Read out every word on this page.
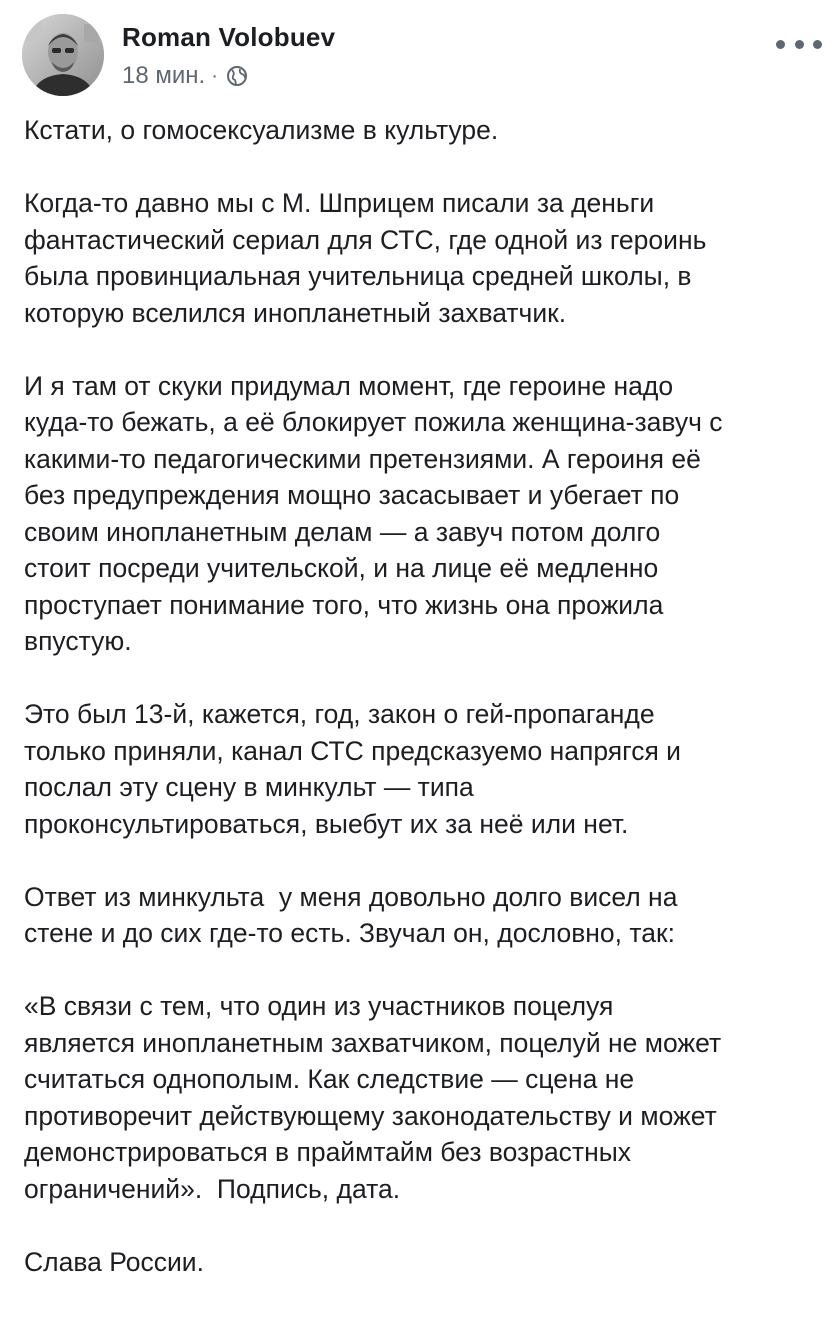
Roman Volobuev
18 мин. ·

Кстати, о гомосексуализме в культуре.

Когда-то давно мы с М. Шприцем писали за деньги
фантастический сериал для СТС, где одной из героинь
была провинциальная учительница средней школы, в
которую вселился инопланетный захватчик.

И я там от скуки придумал момент, где героине надо
куда-то бежать, а её блокирует пожила женщина-завуч с
какими-то педагогическими претензиями. А героиня её
без предупреждения мощно засасывает и убегает по
своим инопланетным делам — а завуч потом долго
стоит посреди учительской, и на лице её медленно
проступает понимание того, что жизнь она прожила
впустую.

Это был 13-й, кажется, год, закон о гей-пропаганде
только приняли, канал СТС предсказуемо напрягся и
послал эту сцену в минкульт — типа
проконсультироваться, выебут их за неё или нет.

Ответ из минкульта  у меня довольно долго висел на
стене и до сих где-то есть. Звучал он, дословно, так:

«В связи с тем, что один из участников поцелуя
является инопланетным захватчиком, поцелуй не может
считаться однополым. Как следствие — сцена не
противоречит действующему законодательству и может
демонстрироваться в праймтайм без возрастных
ограничений».  Подпись, дата.

Слава России.
